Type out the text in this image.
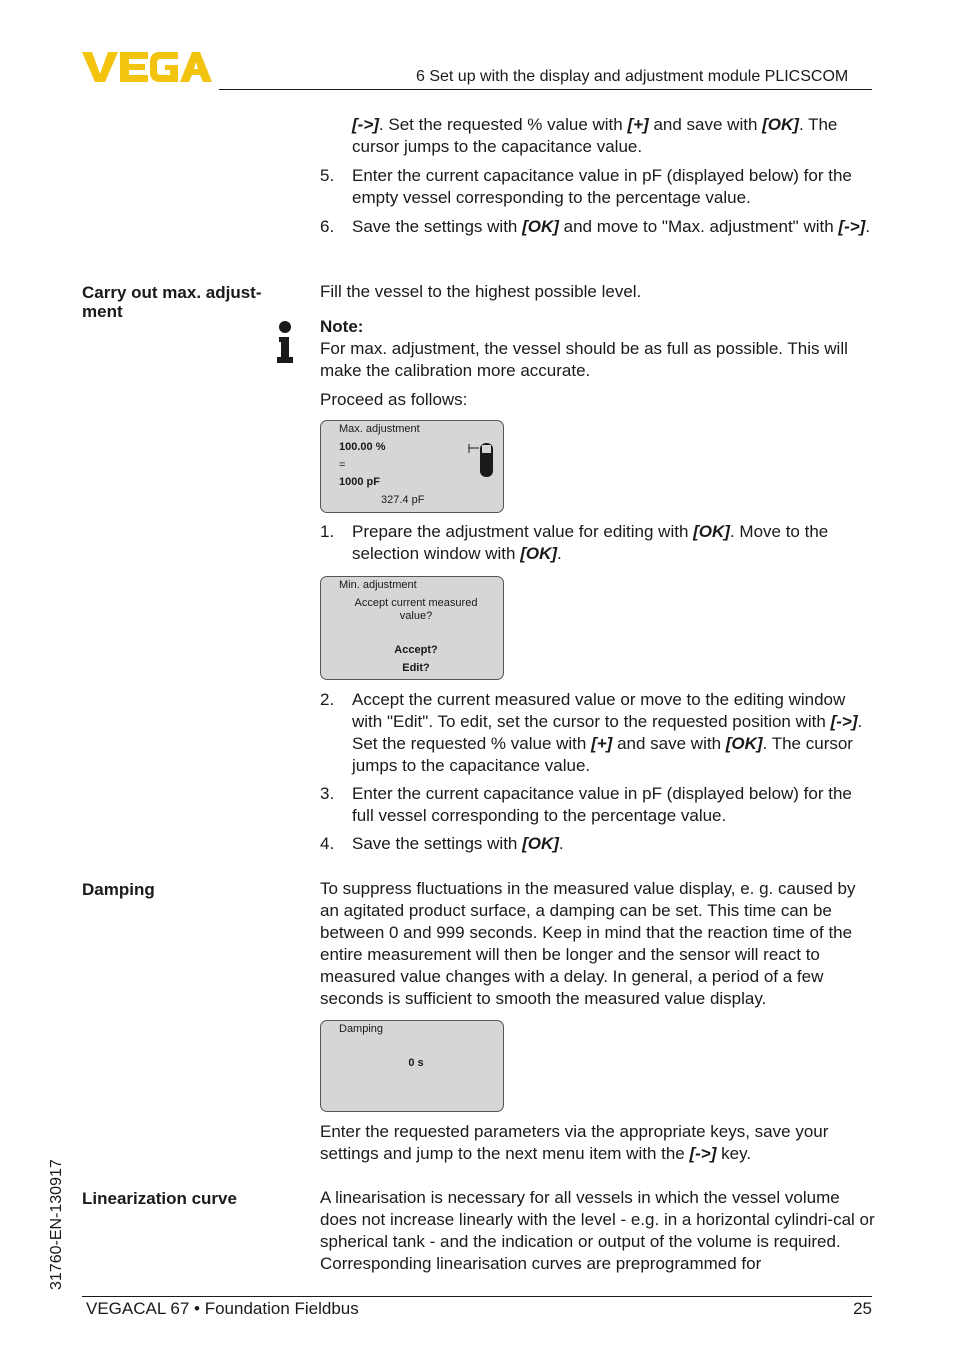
6 Set up with the display and adjustment module PLICSCOM
[->]. Set the requested % value with [+] and save with [OK]. The cursor jumps to the capacitance value.
5. Enter the current capacitance value in pF (displayed below) for the empty vessel corresponding to the percentage value.
6. Save the settings with [OK] and move to "Max. adjustment" with [->].
Carry out max. adjust-ment

Fill the vessel to the highest possible level.

Note:

For max. adjustment, the vessel should be as full as possible. This will make the calibration more accurate.

Proceed as follows:

Max. adjustment
100.00 %
=
1000 pF
327.4 pF
1. Prepare the adjustment value for editing with [OK]. Move to the selection window with [OK].
Min. adjustment
Accept current measured value?
Accept?
Edit?
2. Accept the current measured value or move to the editing window with "Edit". To edit, set the cursor to the requested position with [->]. Set the requested % value with [+] and save with [OK]. The cursor jumps to the capacitance value.
3. Enter the current capacitance value in pF (displayed below) for the full vessel corresponding to the percentage value.
4. Save the settings with [OK].
Damping	To suppress fluctuations in the measured value display, e. g. caused by an agitated product surface, a damping can be set. This time can be between 0 and 999 seconds. Keep in mind that the reaction time of the entire measurement will then be longer and the sensor will react to measured value changes with a delay. In general, a period of a few seconds is sufficient to smooth the measured value display.

Damping
0 s

Enter the requested parameters via the appropriate keys, save your settings and jump to the next menu item with the [->] key.

Linearization curve	A linearisation is necessary for all vessels in which the vessel volume does not increase linearly with the level - e.g. in a horizontal cylindri-cal or spherical tank - and the indication or output of the volume is required. Corresponding linearisation curves are preprogrammed for

31760-EN-130917
VEGACAL 67 • Foundation Fieldbus	25
